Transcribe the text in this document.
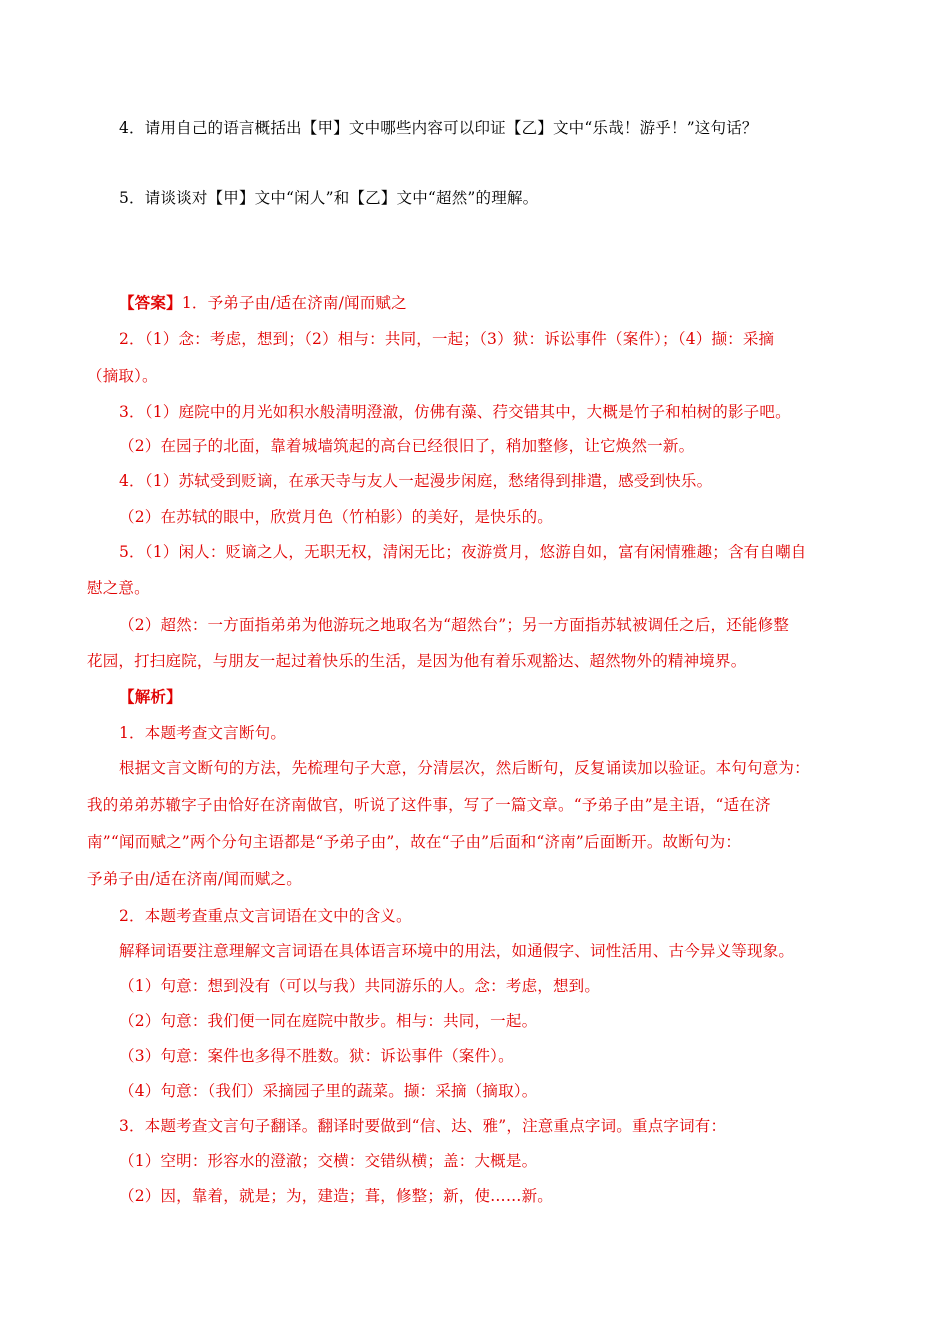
4．请用自己的语言概括出【甲】文中哪些内容可以印证【乙】文中“乐哉！游乎！”这句话？
5．请谈谈对【甲】文中“闲人”和【乙】文中“超然”的理解。
【答案】1．予弟子由/适在济南/闻而赋之
2．（1）念：考虑，想到；（2）相与：共同，一起；（3）狱：诉讼事件（案件）；（4）撷：采摘
（摘取）。
3．（1）庭院中的月光如积水般清明澄澈，仿佛有藻、荇交错其中，大概是竹子和柏树的影子吧。
（2）在园子的北面，靠着城墙筑起的高台已经很旧了，稍加整修，让它焕然一新。
4．（1）苏轼受到贬谪，在承天寺与友人一起漫步闲庭，愁绪得到排遣，感受到快乐。
（2）在苏轼的眼中，欣赏月色（竹柏影）的美好，是快乐的。
5．（1）闲人：贬谪之人，无职无权，清闲无比；夜游赏月，悠游自如，富有闲情雅趣；含有自嘲自
慰之意。
（2）超然：一方面指弟弟为他游玩之地取名为“超然台”；另一方面指苏轼被调任之后，还能修整
花园，打扫庭院，与朋友一起过着快乐的生活，是因为他有着乐观豁达、超然物外的精神境界。
【解析】
1．本题考查文言断句。
根据文言文断句的方法，先梳理句子大意，分清层次，然后断句，反复诵读加以验证。本句句意为：
我的弟弟苏辙字子由恰好在济南做官，听说了这件事，写了一篇文章。“予弟子由”是主语，“适在济
南”“闻而赋之”两个分句主语都是“予弟子由”，故在“子由”后面和“济南”后面断开。故断句为：
予弟子由/适在济南/闻而赋之。
2．本题考查重点文言词语在文中的含义。
解释词语要注意理解文言词语在具体语言环境中的用法，如通假字、词性活用、古今异义等现象。
（1）句意：想到没有（可以与我）共同游乐的人。念：考虑，想到。
（2）句意：我们便一同在庭院中散步。相与：共同，一起。
（3）句意：案件也多得不胜数。狱：诉讼事件（案件）。
（4）句意：（我们）采摘园子里的蔬菜。撷：采摘（摘取）。
3．本题考查文言句子翻译。翻译时要做到“信、达、雅”，注意重点字词。重点字词有：
（1）空明：形容水的澄澈；交横：交错纵横；盖：大概是。
（2）因，靠着，就是；为，建造；葺，修整；新，使……新。
